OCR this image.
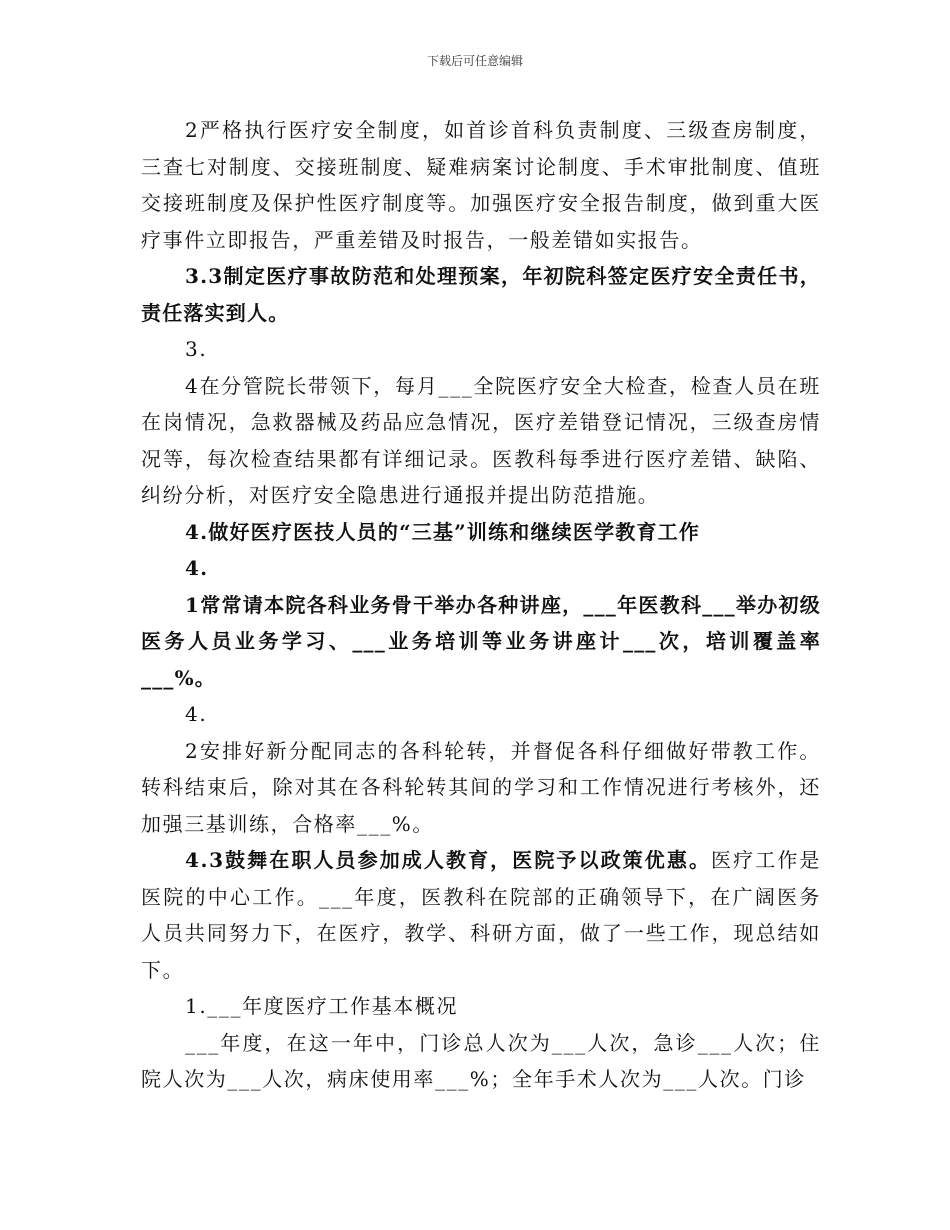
下载后可任意编辑

2严格执行医疗安全制度，如首诊首科负责制度、三级查房制度，三查七对制度、交接班制度、疑难病案讨论制度、手术审批制度、值班交接班制度及保护性医疗制度等。加强医疗安全报告制度，做到重大医疗事件立即报告，严重差错及时报告，一般差错如实报告。

3.3制定医疗事故防范和处理预案，年初院科签定医疗安全责任书，责任落实到人。

3.

4在分管院长带领下，每月___全院医疗安全大检查，检查人员在班在岗情况，急救器械及药品应急情况，医疗差错登记情况，三级查房情况等，每次检查结果都有详细记录。医教科每季进行医疗差错、缺陷、纠纷分析，对医疗安全隐患进行通报并提出防范措施。

4.做好医疗医技人员的“三基”训练和继续医学教育工作

4.

1常常请本院各科业务骨干举办各种讲座，___年医教科___举办初级医务人员业务学习、___业务培训等业务讲座计___次，培训覆盖率___%。

4.

2安排好新分配同志的各科轮转，并督促各科仔细做好带教工作。转科结束后，除对其在各科轮转其间的学习和工作情况进行考核外，还加强三基训练，合格率___%。

4.3鼓舞在职人员参加成人教育，医院予以政策优惠。医疗工作是医院的中心工作。___年度，医教科在院部的正确领导下，在广阔医务人员共同努力下，在医疗，教学、科研方面，做了一些工作，现总结如下。

1.___年度医疗工作基本概况

___年度，在这一年中，门诊总人次为___人次，急诊___人次；住院人次为___人次，病床使用率___%；全年手术人次为___人次。门诊
